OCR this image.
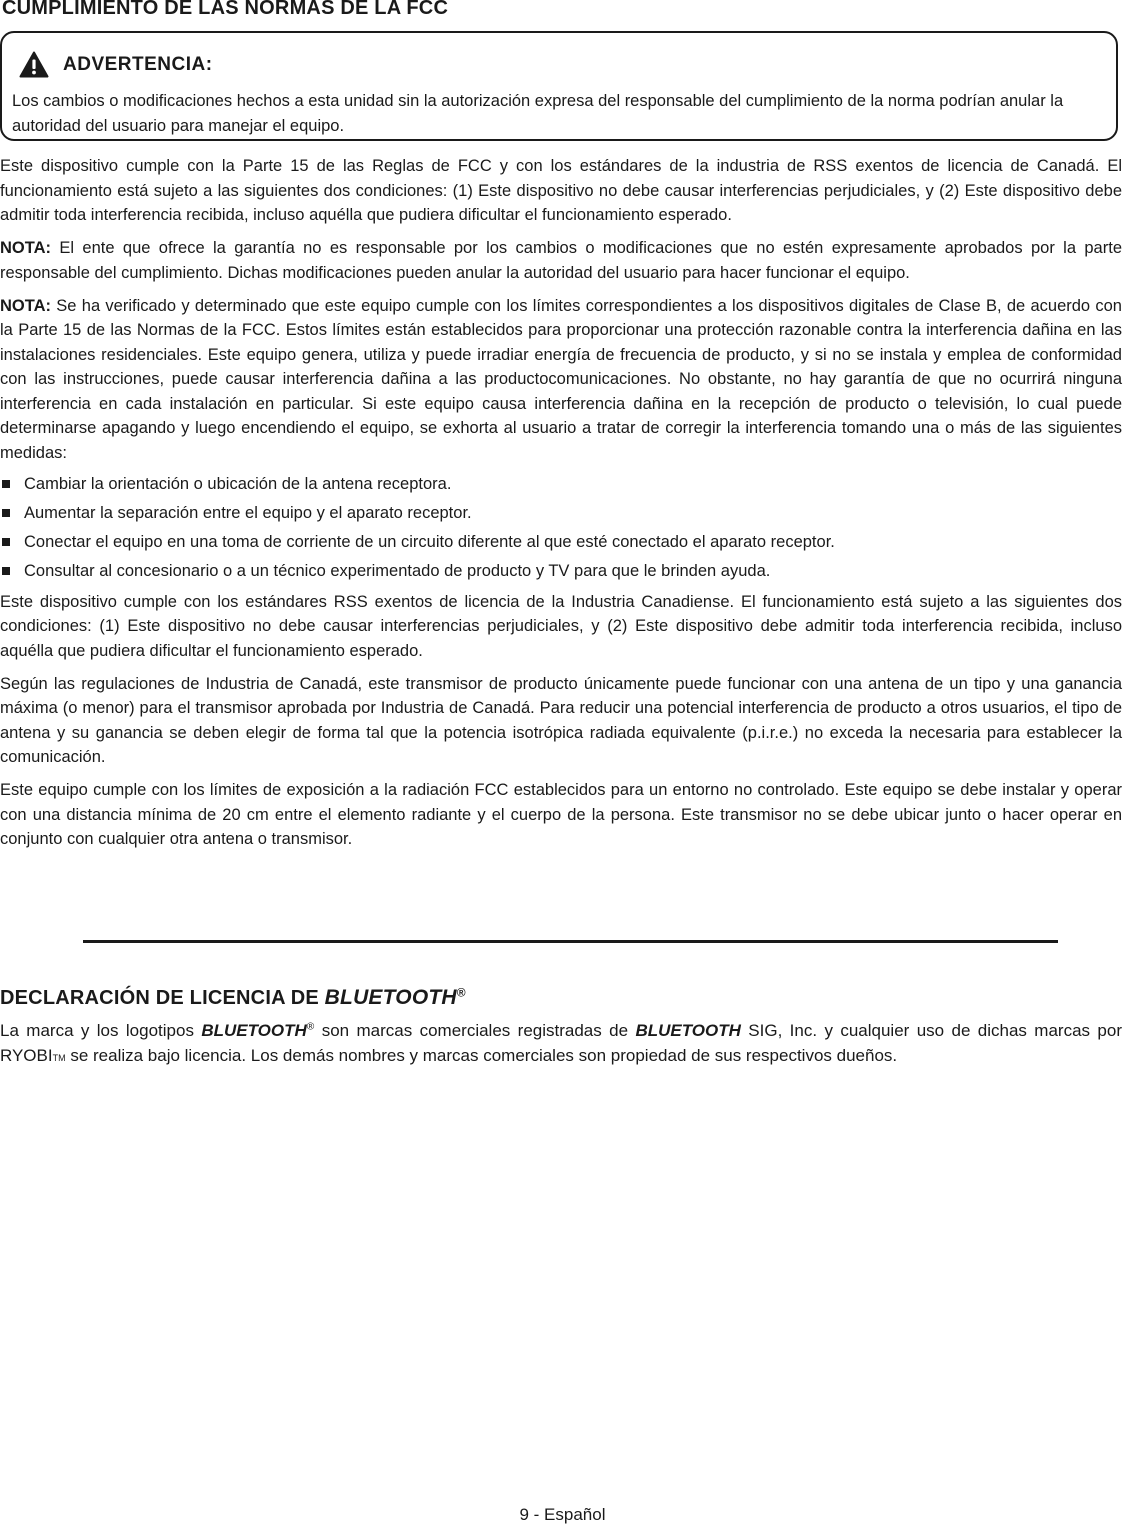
CUMPLIMIENTO DE LAS NORMAS DE LA FCC
ADVERTENCIA:

Los cambios o modificaciones hechos a esta unidad sin la autorización expresa del responsable del cumplimiento de la norma podrían anular la autoridad del usuario para manejar el equipo.

Este dispositivo cumple con la Parte 15 de las Reglas de FCC y con los estándares de la industria de RSS exentos de licencia de Canadá. El funcionamiento está sujeto a las siguientes dos condiciones: (1) Este dispositivo no debe causar interferencias perjudiciales, y (2) Este dispositivo debe admitir toda interferencia recibida, incluso aquélla que pudiera dificultar el funcionamiento esperado.

NOTA: El ente que ofrece la garantía no es responsable por los cambios o modificaciones que no estén expresamente aprobados por la parte responsable del cumplimiento. Dichas modificaciones pueden anular la autoridad del usuario para hacer funcionar el equipo.

NOTA: Se ha verificado y determinado que este equipo cumple con los límites correspondientes a los dispositivos digitales de Clase B, de acuerdo con la Parte 15 de las Normas de la FCC. Estos límites están establecidos para proporcionar una protección razonable contra la interferencia dañina en las instalaciones residenciales. Este equipo genera, utiliza y puede irradiar energía de frecuencia de producto, y si no se instala y emplea de conformidad con las instrucciones, puede causar interferencia dañina a las productocomunicaciones. No obstante, no hay garantía de que no ocurrirá ninguna interferencia en cada instalación en particular. Si este equipo causa interferencia dañina en la recepción de producto o televisión, lo cual puede determinarse apagando y luego encendiendo el equipo, se exhorta al usuario a tratar de corregir la interferencia tomando una o más de las siguientes medidas:

Cambiar la orientación o ubicación de la antena receptora.
Aumentar la separación entre el equipo y el aparato receptor.
Conectar el equipo en una toma de corriente de un circuito diferente al que esté conectado el aparato receptor.
Consultar al concesionario o a un técnico experimentado de producto y TV para que le brinden ayuda.

Este dispositivo cumple con los estándares RSS exentos de licencia de la Industria Canadiense. El funcionamiento está sujeto a las siguientes dos condiciones: (1) Este dispositivo no debe causar interferencias perjudiciales, y (2) Este dispositivo debe admitir toda interferencia recibida, incluso aquélla que pudiera dificultar el funcionamiento esperado.

Según las regulaciones de Industria de Canadá, este transmisor de producto únicamente puede funcionar con una antena de un tipo y una ganancia máxima (o menor) para el transmisor aprobada por Industria de Canadá. Para reducir una potencial interferencia de producto a otros usuarios, el tipo de antena y su ganancia se deben elegir de forma tal que la potencia isotrópica radiada equivalente (p.i.r.e.) no exceda la necesaria para establecer la comunicación.

Este equipo cumple con los límites de exposición a la radiación FCC establecidos para un entorno no controlado. Este equipo se debe instalar y operar con una distancia mínima de 20 cm entre el elemento radiante y el cuerpo de la persona. Este transmisor no se debe ubicar junto o hacer operar en conjunto con cualquier otra antena o transmisor.

DECLARACIÓN DE LICENCIA DE BLUETOOTH®

La marca y los logotipos BLUETOOTH® son marcas comerciales registradas de BLUETOOTH SIG, Inc. y cualquier uso de dichas marcas por RYOBITM se realiza bajo licencia. Los demás nombres y marcas comerciales son propiedad de sus respectivos dueños.

9 - Español
